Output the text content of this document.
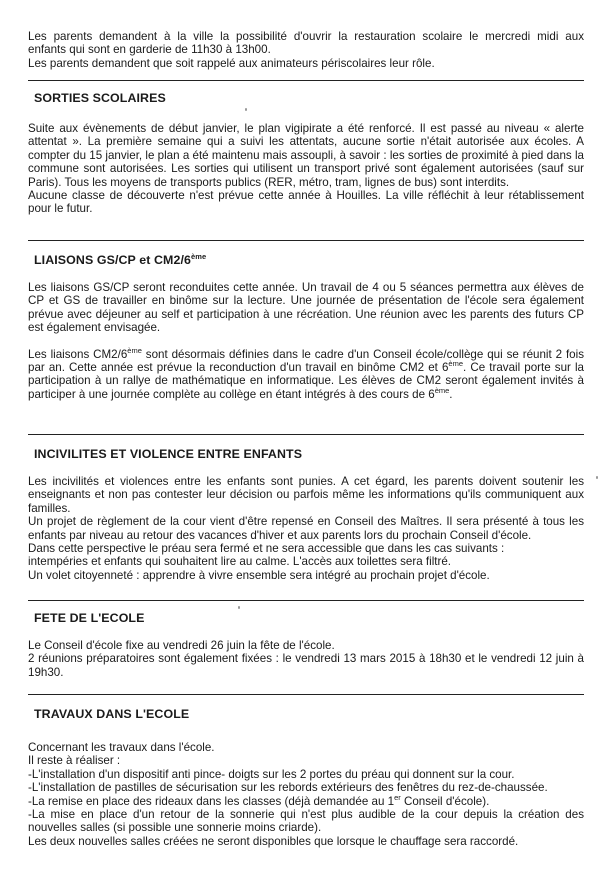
Les parents demandent à la ville la possibilité d'ouvrir la restauration scolaire le mercredi midi aux

enfants qui sont en garderie de 11h30 à 13h00.

Les parents demandent que soit rappelé aux animateurs périscolaires leur rôle.

SORTIES SCOLAIRES

Suite aux évènements de début janvier, le plan vigipirate a été renforcé. Il est passé au niveau « alerte attentat ». La première semaine qui a suivi les attentats, aucune sortie n'était autorisée aux écoles. A compter du 15 janvier, le plan a été maintenu mais assoupli, à savoir : les sorties de proximité à pied dans la commune sont autorisées. Les sorties qui utilisent un transport privé sont également autorisées (sauf sur Paris). Tous les moyens de transports publics (RER, métro, tram, lignes de bus) sont interdits.

Aucune classe de découverte n'est prévue cette année à Houilles. La ville réfléchit à leur rétablissement pour le futur.

LIAISONS GS/CP et CM2/6ème

Les liaisons GS/CP seront reconduites cette année. Un travail de 4 ou 5 séances permettra aux élèves de CP et GS de travailler en binôme sur la lecture. Une journée de présentation de l'école sera également prévue avec déjeuner au self et participation à une récréation. Une réunion avec les parents des futurs CP est également envisagée.

Les liaisons CM2/6ème sont désormais définies dans le cadre d'un Conseil école/collège qui se réunit 2 fois par an. Cette année est prévue la reconduction d'un travail en binôme CM2 et 6ème. Ce travail porte sur la participation à un rallye de mathématique en informatique. Les élèves de CM2 seront également invités à participer à une journée complète au collège en étant intégrés à des cours de 6ème.

INCIVILITES ET VIOLENCE ENTRE ENFANTS

Les incivilités et violences entre les enfants sont punies. A cet égard, les parents doivent soutenir les enseignants et non pas contester leur décision ou parfois même les informations qu'ils communiquent aux familles.

Un projet de règlement de la cour vient d'être repensé en Conseil des Maîtres. Il sera présenté à tous les enfants par niveau au retour des vacances d'hiver et aux parents lors du prochain Conseil d'école.

Dans cette perspective le préau sera fermé et ne sera accessible que dans les cas suivants :

intempéries et enfants qui souhaitent lire au calme. L'accès aux toilettes sera filtré.

Un volet citoyenneté : apprendre à vivre ensemble sera intégré au prochain projet d'école.

FETE DE L'ECOLE

Le Conseil d'école fixe au vendredi 26 juin la fête de l'école.

2 réunions préparatoires sont également fixées : le vendredi 13 mars 2015 à 18h30 et le vendredi 12 juin à 19h30.

TRAVAUX DANS L'ECOLE

Concernant les travaux dans l'école.

Il reste à réaliser :

-L'installation d'un dispositif anti pince- doigts sur les 2 portes du préau qui donnent sur la cour.

-L'installation de pastilles de sécurisation sur les rebords extérieurs des fenêtres du rez-de-chaussée.

-La remise en place des rideaux dans les classes (déjà demandée au 1er Conseil d'école).

-La mise en place d'un retour de la sonnerie qui n'est plus audible de la cour depuis la création des nouvelles salles (si possible une sonnerie moins criarde).

Les deux nouvelles salles créées ne seront disponibles que lorsque le chauffage sera raccordé.
